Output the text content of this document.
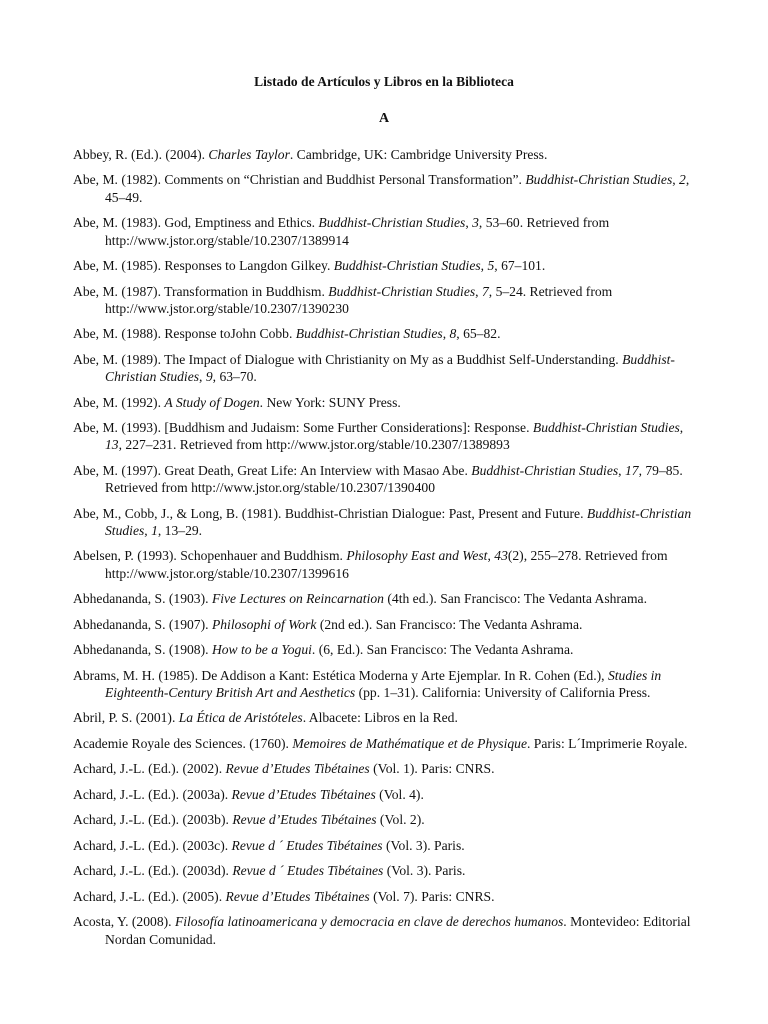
Listado de Artículos y Libros en la Biblioteca
A
Abbey, R. (Ed.). (2004). Charles Taylor. Cambridge, UK: Cambridge University Press.
Abe, M. (1982). Comments on “Christian and Buddhist Personal Transformation”. Buddhist-Christian Studies, 2, 45–49.
Abe, M. (1983). God, Emptiness and Ethics. Buddhist-Christian Studies, 3, 53–60. Retrieved from http://www.jstor.org/stable/10.2307/1389914
Abe, M. (1985). Responses to Langdon Gilkey. Buddhist-Christian Studies, 5, 67–101.
Abe, M. (1987). Transformation in Buddhism. Buddhist-Christian Studies, 7, 5–24. Retrieved from http://www.jstor.org/stable/10.2307/1390230
Abe, M. (1988). Response toJohn Cobb. Buddhist-Christian Studies, 8, 65–82.
Abe, M. (1989). The Impact of Dialogue with Christianity on My as a Buddhist Self-Understanding. Buddhist-Christian Studies, 9, 63–70.
Abe, M. (1992). A Study of Dogen. New York: SUNY Press.
Abe, M. (1993). [Buddhism and Judaism: Some Further Considerations]: Response. Buddhist-Christian Studies, 13, 227–231. Retrieved from http://www.jstor.org/stable/10.2307/1389893
Abe, M. (1997). Great Death, Great Life: An Interview with Masao Abe. Buddhist-Christian Studies, 17, 79–85. Retrieved from http://www.jstor.org/stable/10.2307/1390400
Abe, M., Cobb, J., & Long, B. (1981). Buddhist-Christian Dialogue: Past, Present and Future. Buddhist-Christian Studies, 1, 13–29.
Abelsen, P. (1993). Schopenhauer and Buddhism. Philosophy East and West, 43(2), 255–278. Retrieved from http://www.jstor.org/stable/10.2307/1399616
Abhedananda, S. (1903). Five Lectures on Reincarnation (4th ed.). San Francisco: The Vedanta Ashrama.
Abhedananda, S. (1907). Philosophi of Work (2nd ed.). San Francisco: The Vedanta Ashrama.
Abhedananda, S. (1908). How to be a Yogui. (6, Ed.). San Francisco: The Vedanta Ashrama.
Abrams, M. H. (1985). De Addison a Kant: Estética Moderna y Arte Ejemplar. In R. Cohen (Ed.), Studies in Eighteenth-Century British Art and Aesthetics (pp. 1–31). California: University of California Press.
Abril, P. S. (2001). La Ética de Aristóteles. Albacete: Libros en la Red.
Academie Royale des Sciences. (1760). Memoires de Mathématique et de Physique. Paris: L´Imprimerie Royale.
Achard, J.-L. (Ed.). (2002). Revue d’Etudes Tibétaines (Vol. 1). Paris: CNRS.
Achard, J.-L. (Ed.). (2003a). Revue d’Etudes Tibétaines (Vol. 4).
Achard, J.-L. (Ed.). (2003b). Revue d’Etudes Tibétaines (Vol. 2).
Achard, J.-L. (Ed.). (2003c). Revue d ´ Etudes Tibétaines (Vol. 3). Paris.
Achard, J.-L. (Ed.). (2003d). Revue d ´ Etudes Tibétaines (Vol. 3). Paris.
Achard, J.-L. (Ed.). (2005). Revue d’Etudes Tibétaines (Vol. 7). Paris: CNRS.
Acosta, Y. (2008). Filosofía latinoamericana y democracia en clave de derechos humanos. Montevideo: Editorial Nordan Comunidad.
